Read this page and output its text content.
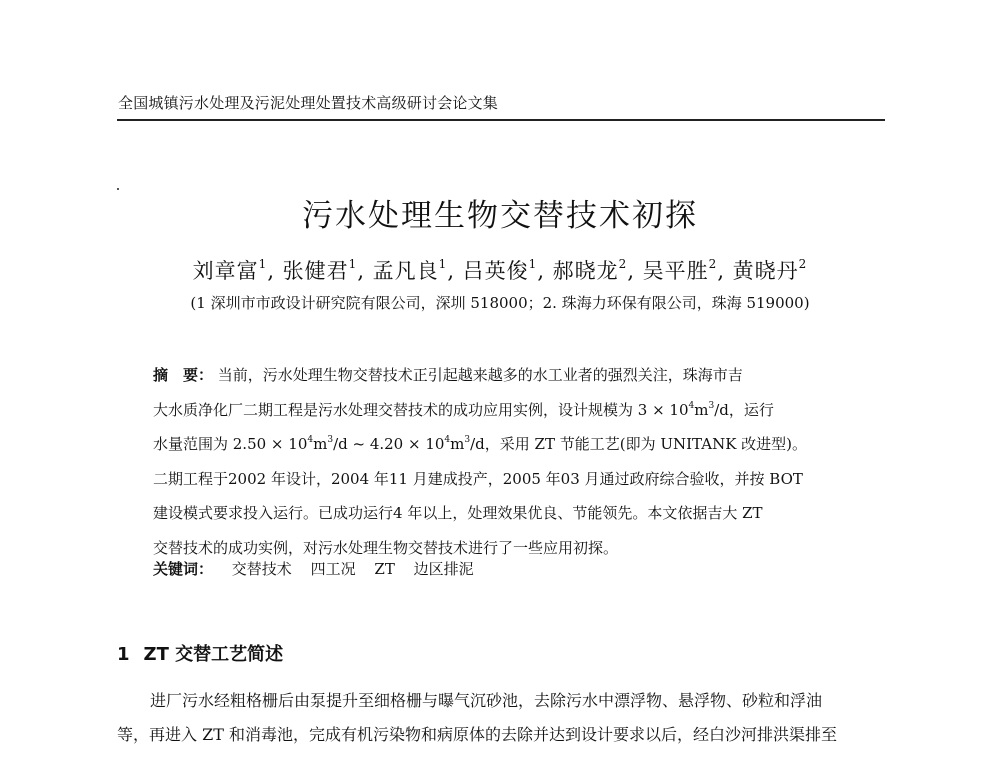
全国城镇污水处理及污泥处理处置技术高级研讨会论文集
污水处理生物交替技术初探
刘章富$^1$, 张健君$^1$, 孟凡良$^1$, 吕英俊$^1$, 郝晓龙$^2$, 吴平胜$^2$, 黄晓丹$^2$
(1 深圳市市政设计研究院有限公司，深圳 518000；2. 珠海力环保有限公司，珠海 519000)
摘　要： 当前，污水处理生物交替技术正引起越来越多的水工业者的强烈关注，珠海市吉
大水质净化厂二期工程是污水处理交替技术的成功应用实例，设计规模为 $3 \times 10^4m^3/d$，运行
水量范围为 $2.50 \times 10^4m^3/d$ ~ $4.20 \times 10^4m^3/d$，采用 ZT 节能工艺(即为 UNITANK 改进型)。
二期工程于2002 年设计，2004 年11 月建成投产，2005 年03 月通过政府综合验收，并按 BOT
建设模式要求投入运行。已成功运行4 年以上，处理效果优良、节能领先。本文依据吉大 ZT
交替技术的成功实例，对污水处理生物交替技术进行了一些应用初探。
关键词： 交替技术 四工况 ZT 边区排泥
1 ZT 交替工艺简述
进厂污水经粗格栅后由泵提升至细格栅与曝气沉砂池，去除污水中漂浮物、悬浮物、砂粒和浮油
等，再进入 ZT 和消毒池，完成有机污染物和病原体的去除并达到设计要求以后，经白沙河排洪渠排至
